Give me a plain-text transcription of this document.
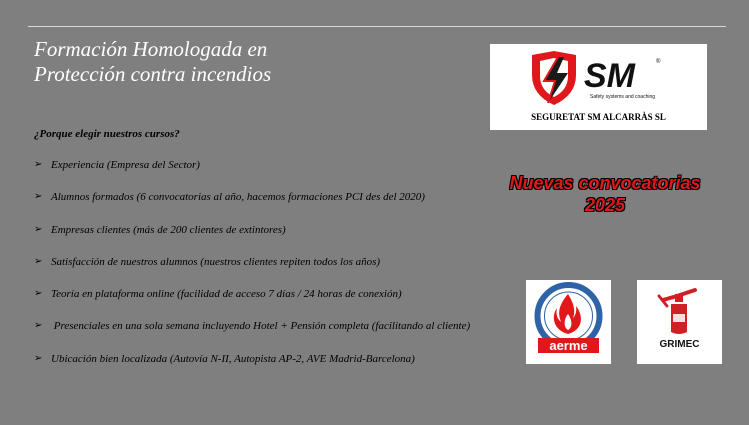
Formación Homologada en
Protección contra incendios
¿Porque elegir nuestros cursos?
➢ Experiencia (Empresa del Sector)
➢ Alumnos formados (6 convocatorias al año, hacemos formaciones PCI des del 2020)
➢ Empresas clientes (más de 200 clientes de extintores)
➢ Satisfacción de nuestros alumnos (nuestros clientes repiten todos los años)
➢ Teoría en plataforma online (facilidad de acceso 7 días / 24 horas de conexión)
➢ Presenciales en una sola semana incluyendo Hotel + Pensión completa (facilitando al cliente)
➢ Ubicación bien localizada (Autovía N-II, Autopista AP-2, AVE Madrid-Barcelona)
SM	®
Safety systems and coaching
SEGURETAT SM ALCARRÀS SL
Nuevas convocatorias
2025
aerme	GRIMEC
